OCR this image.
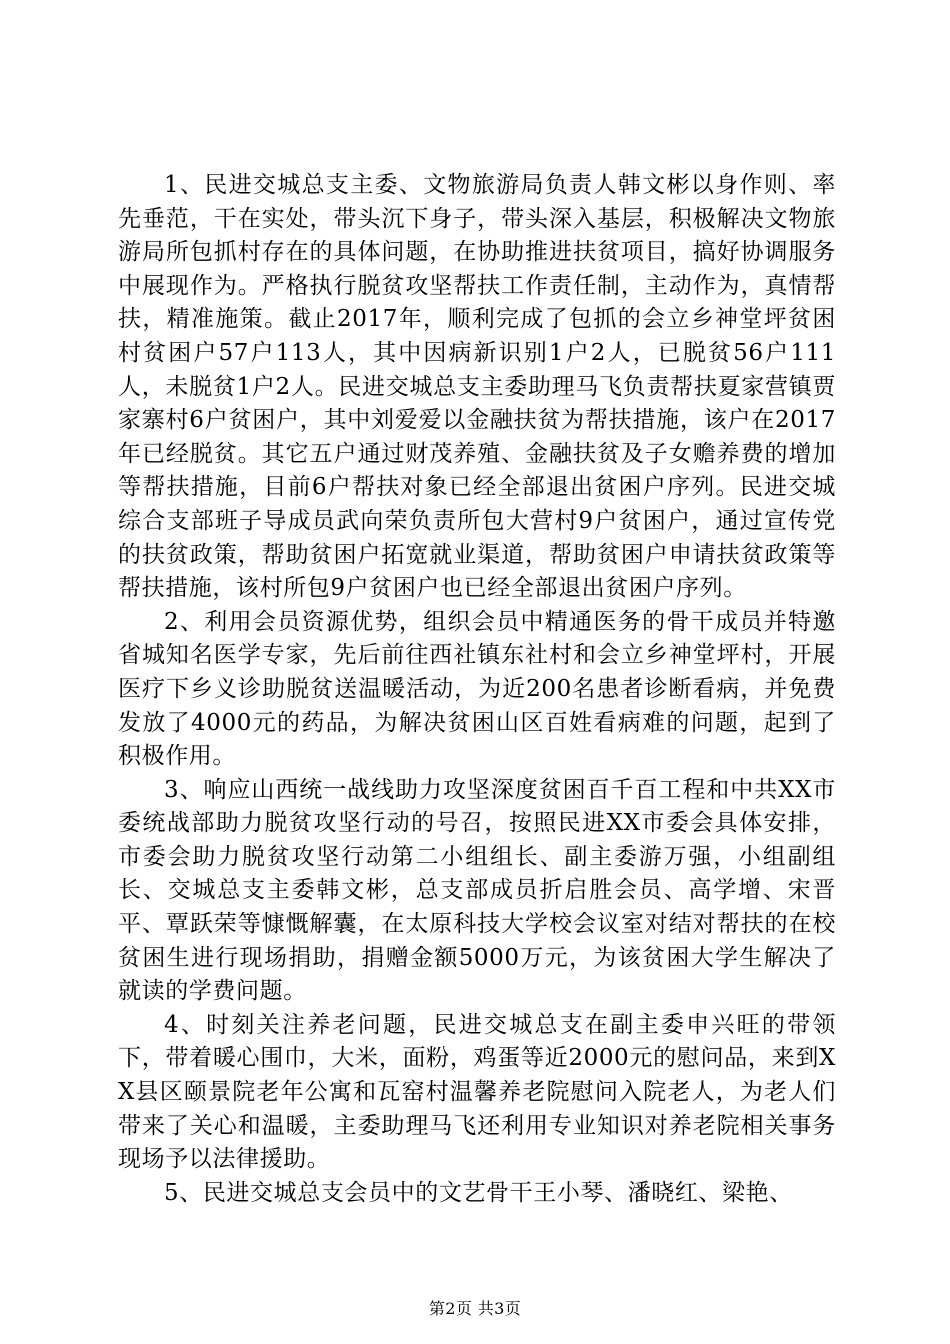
1、民进交城总支主委、文物旅游局负责人韩文彬以身作则、率先垂范，干在实处，带头沉下身子，带头深入基层，积极解决文物旅游局所包抓村存在的具体问题，在协助推进扶贫项目，搞好协调服务中展现作为。严格执行脱贫攻坚帮扶工作责任制，主动作为，真情帮扶，精准施策。截止2017年，顺利完成了包抓的会立乡神堂坪贫困村贫困户57户113人，其中因病新识别1户2人，已脱贫56户111人，未脱贫1户2人。民进交城总支主委助理马飞负责帮扶夏家营镇贾家寨村6户贫困户，其中刘爱爱以金融扶贫为帮扶措施，该户在2017年已经脱贫。其它五户通过财茂养殖、金融扶贫及子女赡养费的增加等帮扶措施，目前6户帮扶对象已经全部退出贫困户序列。民进交城综合支部班子导成员武向荣负责所包大营村9户贫困户，通过宣传党的扶贫政策，帮助贫困户拓宽就业渠道，帮助贫困户申请扶贫政策等帮扶措施，该村所包9户贫困户也已经全部退出贫困户序列。

2、利用会员资源优势，组织会员中精通医务的骨干成员并特邀省城知名医学专家，先后前往西社镇东社村和会立乡神堂坪村，开展医疗下乡义诊助脱贫送温暖活动，为近200名患者诊断看病，并免费发放了4000元的药品，为解决贫困山区百姓看病难的问题，起到了积极作用。

3、响应山西统一战线助力攻坚深度贫困百千百工程和中共XX市委统战部助力脱贫攻坚行动的号召，按照民进XX市委会具体安排，市委会助力脱贫攻坚行动第二小组组长、副主委游万强，小组副组长、交城总支主委韩文彬，总支部成员折启胜会员、高学增、宋晋平、覃跃荣等慷慨解囊，在太原科技大学校会议室对结对帮扶的在校贫困生进行现场捐助，捐赠金额5000万元，为该贫困大学生解决了就读的学费问题。

4、时刻关注养老问题，民进交城总支在副主委申兴旺的带领下，带着暖心围巾，大米，面粉，鸡蛋等近2000元的慰问品，来到XX县区颐景院老年公寓和瓦窑村温馨养老院慰问入院老人，为老人们带来了关心和温暖，主委助理马飞还利用专业知识对养老院相关事务现场予以法律援助。

5、民进交城总支会员中的文艺骨干王小琴、潘晓红、梁艳、

第2页 共3页
